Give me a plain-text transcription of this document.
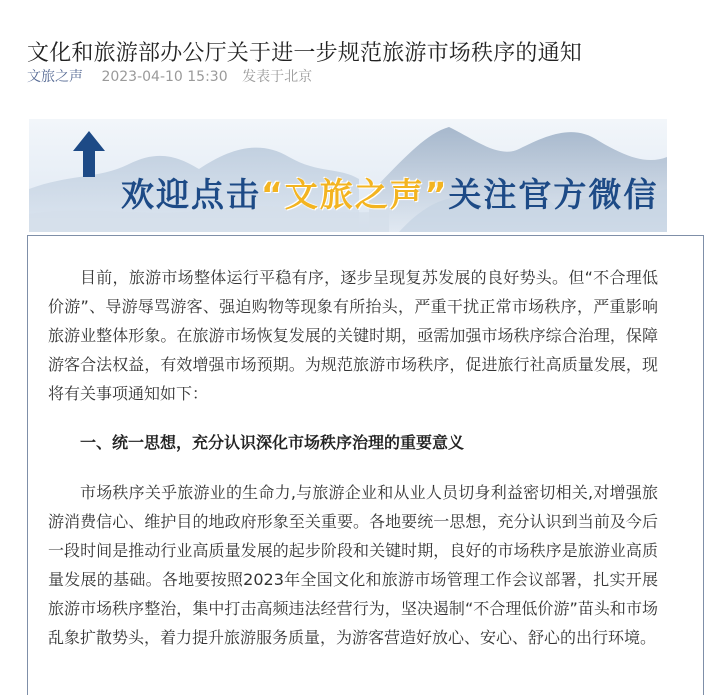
文化和旅游部办公厅关于进一步规范旅游市场秩序的通知
文旅之声 2023-04-10 15:30 发表于北京
欢迎点击“文旅之声”关注官方微信

目前，旅游市场整体运行平稳有序，逐步呈现复苏发展的良好势头。但“不合理低价游”、导游辱骂游客、强迫购物等现象有所抬头，严重干扰正常市场秩序，严重影响旅游业整体形象。在旅游市场恢复发展的关键时期，亟需加强市场秩序综合治理，保障游客合法权益，有效增强市场预期。为规范旅游市场秩序，促进旅行社高质量发展，现将有关事项通知如下：

一、统一思想，充分认识深化市场秩序治理的重要意义

市场秩序关乎旅游业的生命力,与旅游企业和从业人员切身利益密切相关,对增强旅游消费信心、维护目的地政府形象至关重要。各地要统一思想，充分认识到当前及今后一段时间是推动行业高质量发展的起步阶段和关键时期，良好的市场秩序是旅游业高质量发展的基础。各地要按照2023年全国文化和旅游市场管理工作会议部署，扎实开展旅游市场秩序整治，集中打击高频违法经营行为，坚决遏制“不合理低价游”苗头和市场乱象扩散势头，着力提升旅游服务质量，为游客营造好放心、安心、舒心的出行环境。
